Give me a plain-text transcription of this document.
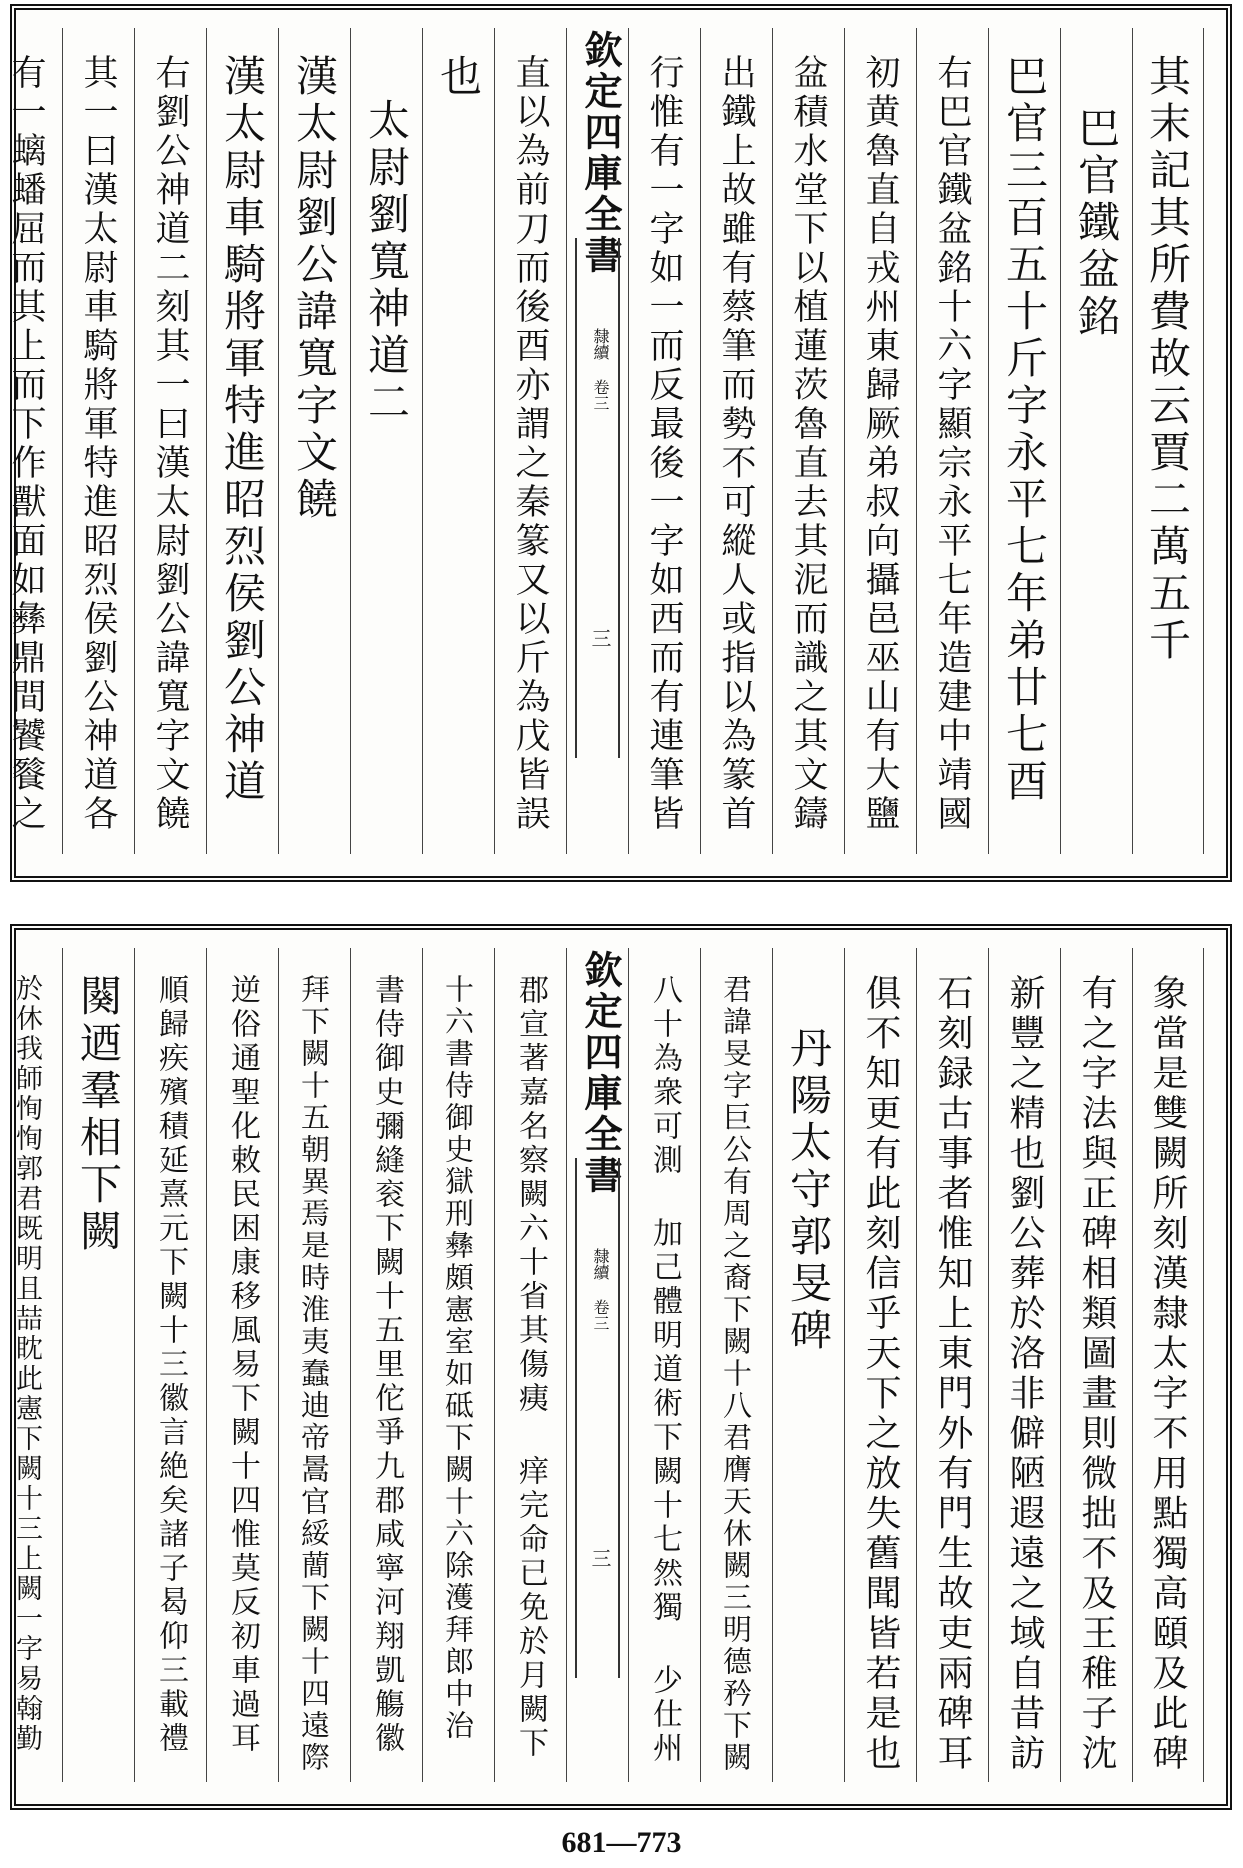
其末記其所費故云賈二萬五千
巴官鐵盆銘
巴官三百五十斤字永平七年弟廿七酉
右巴官鐵盆銘十六字顯宗永平七年造建中靖國
初黄魯直自戎州東歸厥弟叔向攝邑巫山有大鹽
盆積水堂下以植蓮茨魯直去其泥而識之其文鑄
出鐵上故雖有蔡筆而勢不可縱人或指以為篆首
行惟有一字如一而反最後一字如西而有連筆皆
欽定四庫全書
隸續 卷三
三
直以為前刀而後酉亦謂之秦篆又以斤為戊皆誤
也
太尉劉寬神道二
漢太尉劉公諱寬字文饒
漢太尉車騎將軍特進昭烈侯劉公神道
右劉公神道二刻其一曰漢太尉劉公諱寬字文饒
其一曰漢太尉車騎將軍特進昭烈侯劉公神道各
有一螭蟠屈而其上而下作獸面如彝鼎間饕餮之
象當是雙闕所刻漢隸太字不用點獨高頤及此碑
有之字法與正碑相類圖畫則微拙不及王稚子沈
新豐之精也劉公葬於洛非僻陋遐遠之域自昔訪
石刻録古事者惟知上東門外有門生故吏兩碑耳
俱不知更有此刻信乎天下之放失舊聞皆若是也
丹陽太守郭旻碑
君諱旻字巨公有周之裔下闕十八君膺天休闕三明德矜下闕
八十為衆可測 加己體明道術下闕十七然獨 少仕州
欽定四庫全書
隸續 卷三
三
郡宣著嘉名察闕六十省其傷痍 痒完命已免於月闕下
十六書侍御史獄刑彝頗憲室如砥下闕十六除濩拜郎中治
書侍御史彌縫衮下闕十五里佗爭九郡咸寧河翔凱觴徽
拜下闕十五朝異焉是時淮夷蠢迪帝暠官綏蕳下闕十四遠際
逆俗通聖化敕民困康移風易下闕十四惟莫反初車過耳
順歸疾殯積延熹元下闕十三徽言絶矣諸子曷仰三載禮
闋迺羣相下闕
於休我師恂恂郭君既明且喆眈此憲下闕十三上闕一字易翰勤
681—773
